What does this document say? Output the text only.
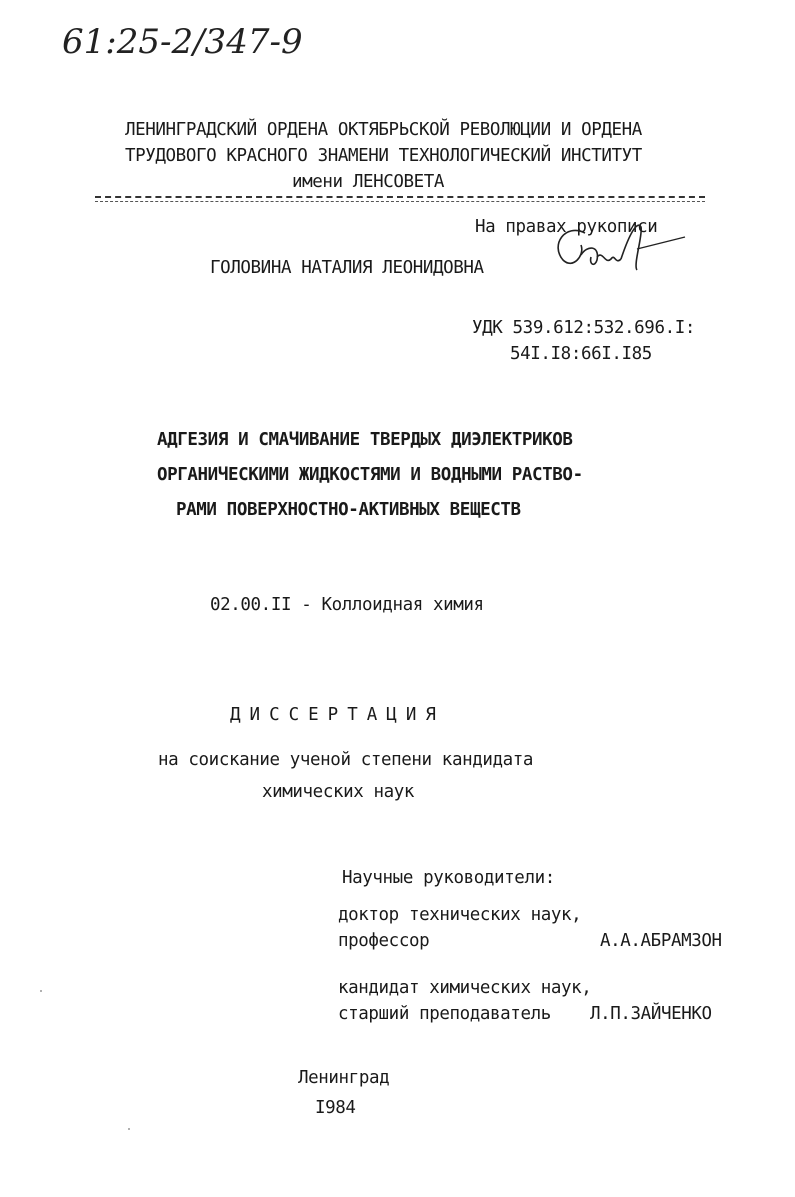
61:25-2/347-9
ЛЕНИНГРАДСКИЙ ОРДЕНА ОКТЯБРЬСКОЙ РЕВОЛЮЦИИ И ОРДЕНА
ТРУДОВОГО КРАСНОГО ЗНАМЕНИ ТЕХНОЛОГИЧЕСКИЙ ИНСТИТУТ
имени ЛЕНСОВЕТА
На правах рукописи
ГОЛОВИНА НАТАЛИЯ ЛЕОНИДОВНА
УДК 539.612:532.696.I:
54I.I8:66I.I85
АДГЕЗИЯ И СМАЧИВАНИЕ ТВЕРДЫХ ДИЭЛЕКТРИКОВ
ОРГАНИЧЕСКИМИ ЖИДКОСТЯМИ И ВОДНЫМИ РАСТВО-
РАМИ ПОВЕРХНОСТНО-АКТИВНЫХ ВЕЩЕСТВ
02.00.II - Коллоидная химия
ДИССЕРТАЦИЯ
на соискание ученой степени кандидата
химических наук
Научные руководители:
доктор технических наук,
профессор	А.А.АБРАМЗОН
кандидат химических наук,
старший преподаватель Л.П.ЗАЙЧЕНКО
Ленинград
I984
